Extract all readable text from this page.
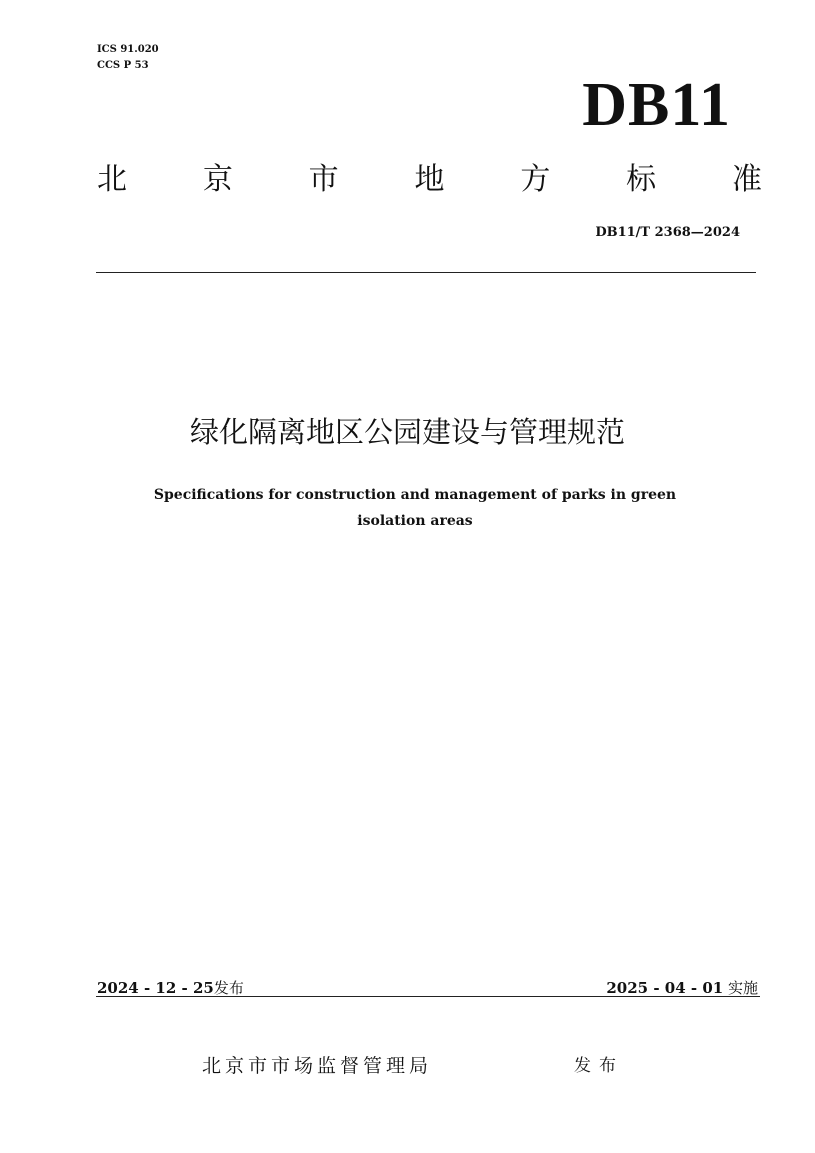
ICS 91.020
CCS P 53
DB11
北	京	市	地	方	标	准
DB11/T 2368—2024
绿化隔离地区公园建设与管理规范
Specifications for construction and management of parks in green
isolation areas
2024 - 12 - 25发布	2025 - 04 - 01 实施
北京市市场监督管理局	发布
